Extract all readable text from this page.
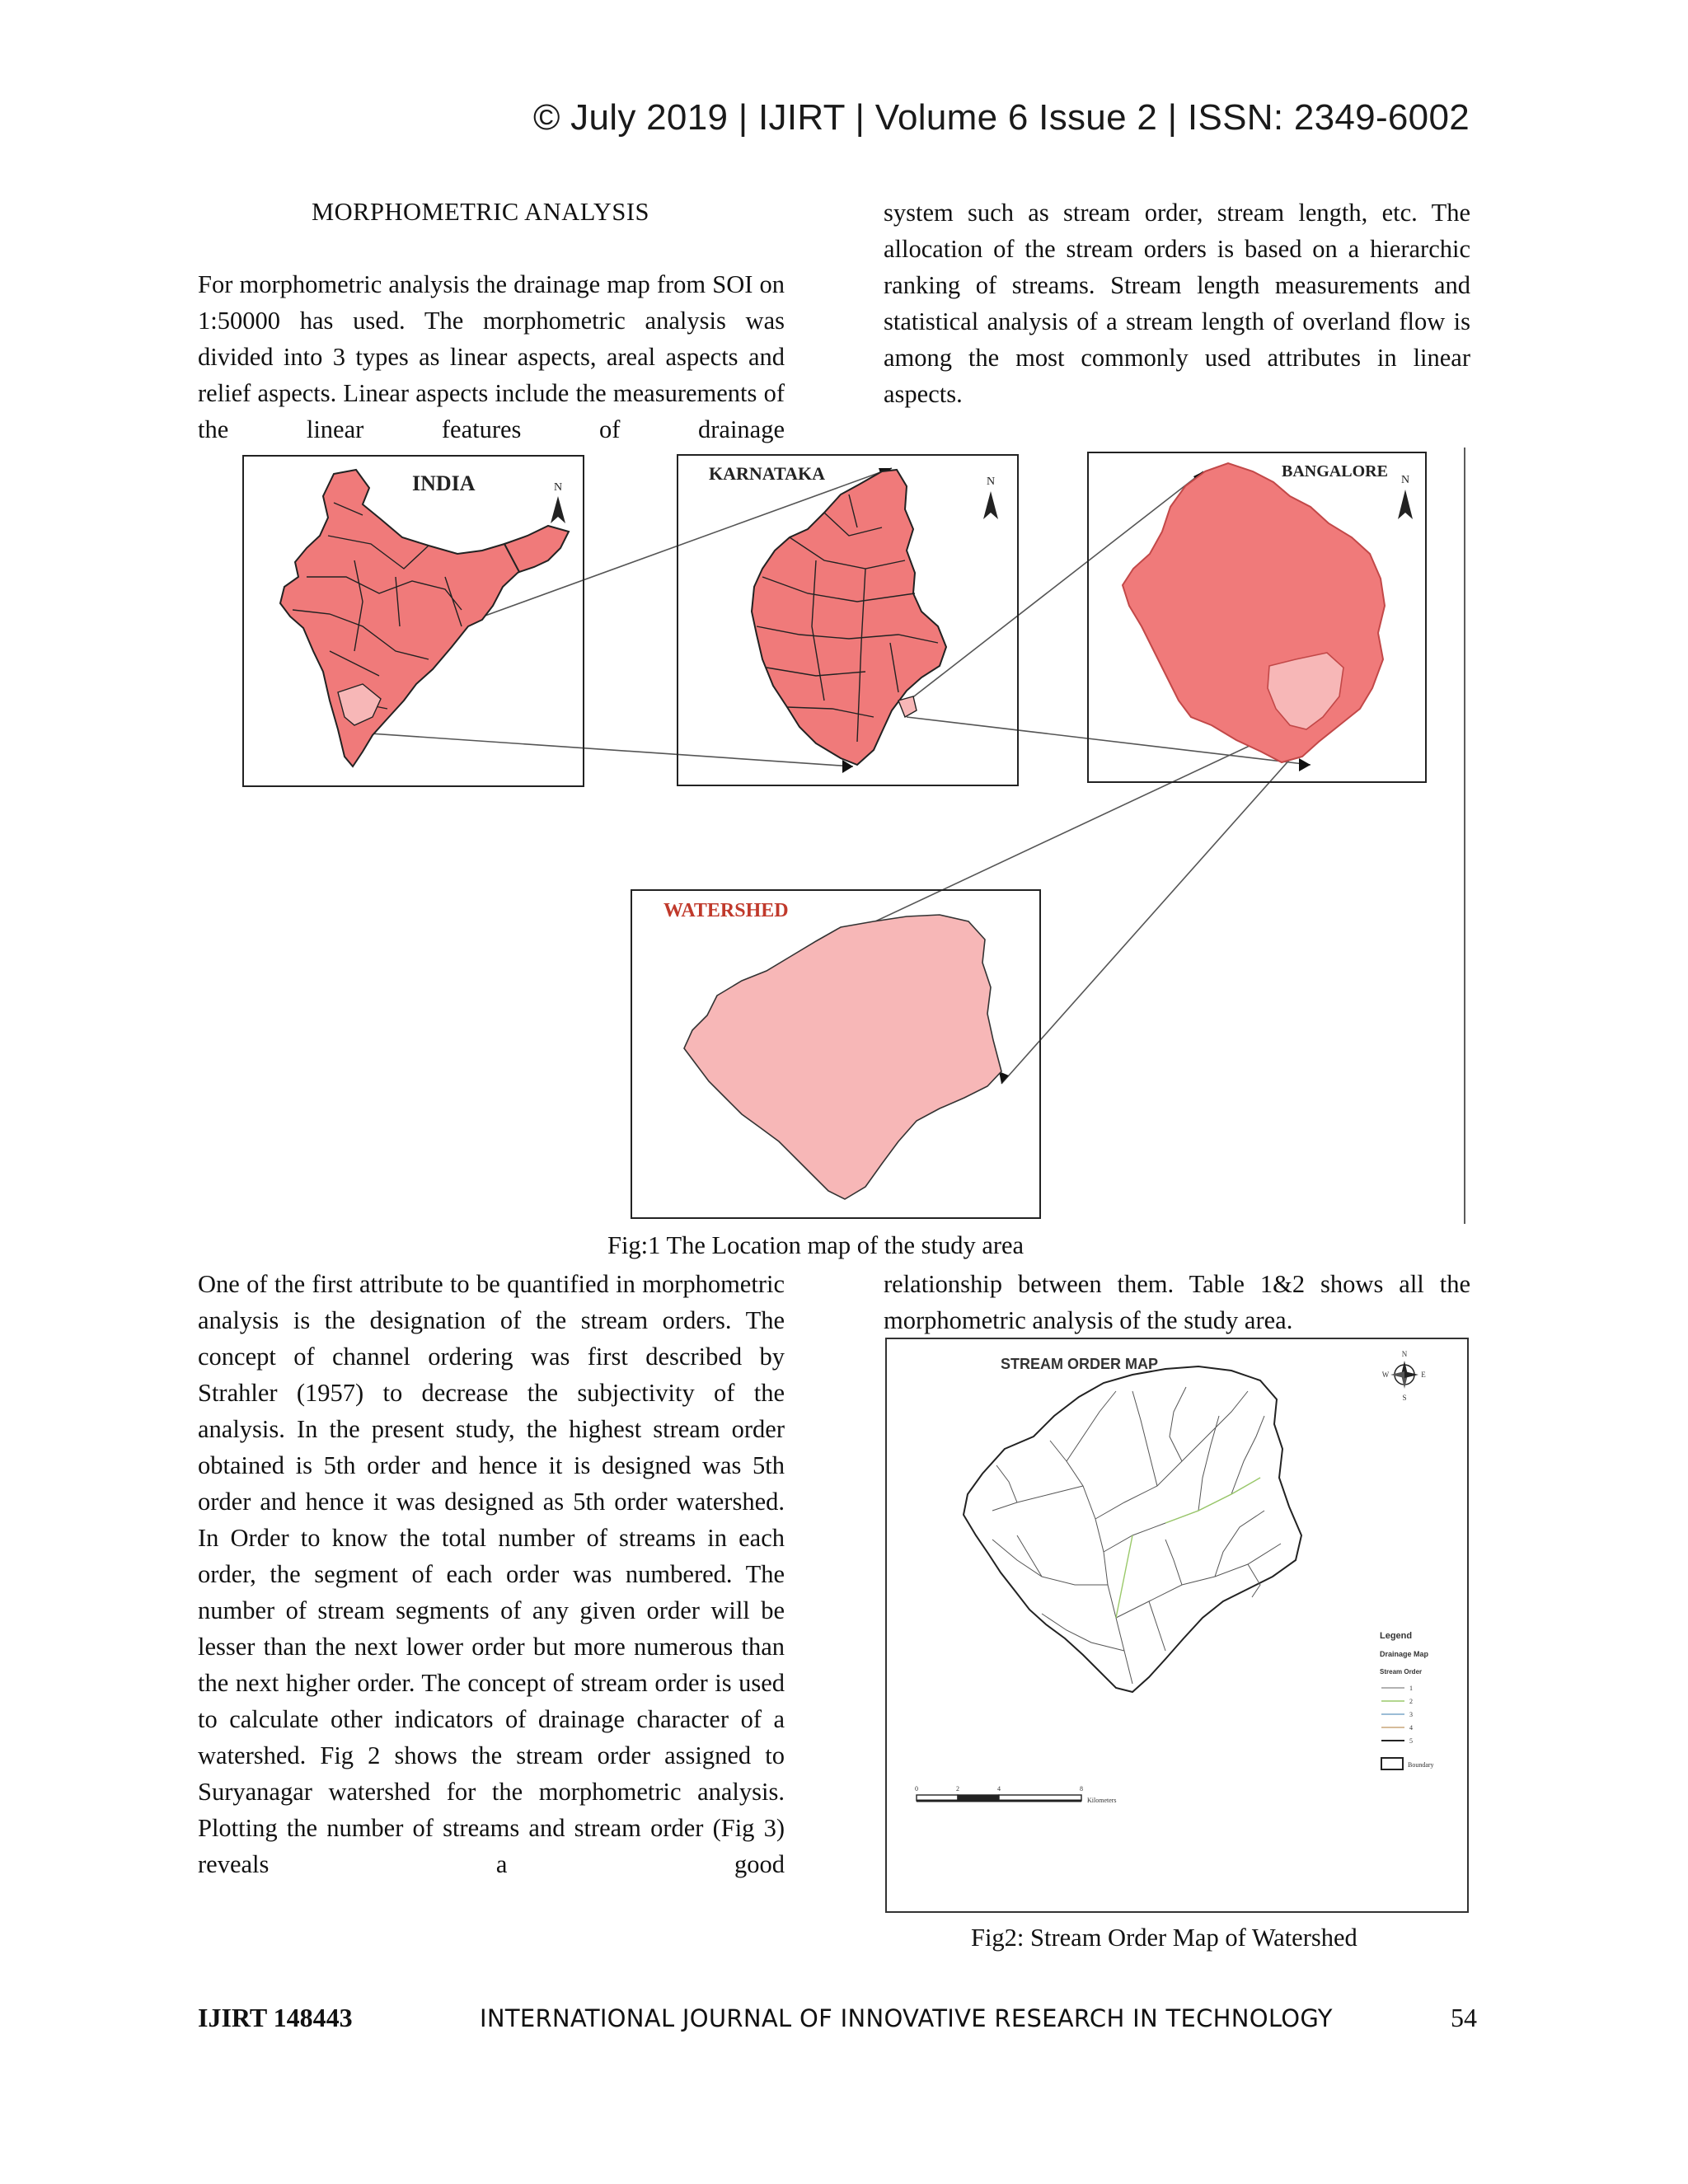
© July 2019 | IJIRT | Volume 6 Issue 2 | ISSN: 2349-6002
MORPHOMETRIC ANALYSIS
For morphometric analysis the drainage map from SOI on 1:50000 has used. The morphometric analysis was divided into 3 types as linear aspects, areal aspects and relief aspects. Linear aspects include the measurements of the linear features of drainage
system such as stream order, stream length, etc. The allocation of the stream orders is based on a hierarchic ranking of streams. Stream length measurements and statistical analysis of a stream length of overland flow is among the most commonly used attributes in linear aspects.
INDIA	N
KARNATAKA	N
BANGALORE N
WATERSHED
Fig:1 The Location map of the study area
One of the first attribute to be quantified in morphometric analysis is the designation of the stream orders. The concept of channel ordering was first described by Strahler (1957) to decrease the subjectivity of the analysis. In the present study, the highest stream order obtained is 5th order and hence it is designed was 5th order and hence it was designed as 5th order watershed. In Order to know the total number of streams in each order, the segment of each order was numbered. The number of stream segments of any given order will be lesser than the next lower order but more numerous than the next higher order. The concept of stream order is used to calculate other indicators of drainage character of a watershed. Fig 2 shows the stream order assigned to Suryanagar watershed for the morphometric analysis. Plotting the number of streams and stream order (Fig 3) reveals a good
relationship between them. Table 1&2 shows all the morphometric analysis of the study area.
STREAM ORDER MAP
N
S
W	E
0	2	4	8
Kilometers
Legend
Drainage Map
Stream Order
1
2
3
4
5
Boundary
Fig2: Stream Order Map of Watershed
IJIRT 148443	INTERNATIONAL JOURNAL OF INNOVATIVE RESEARCH IN TECHNOLOGY	54
